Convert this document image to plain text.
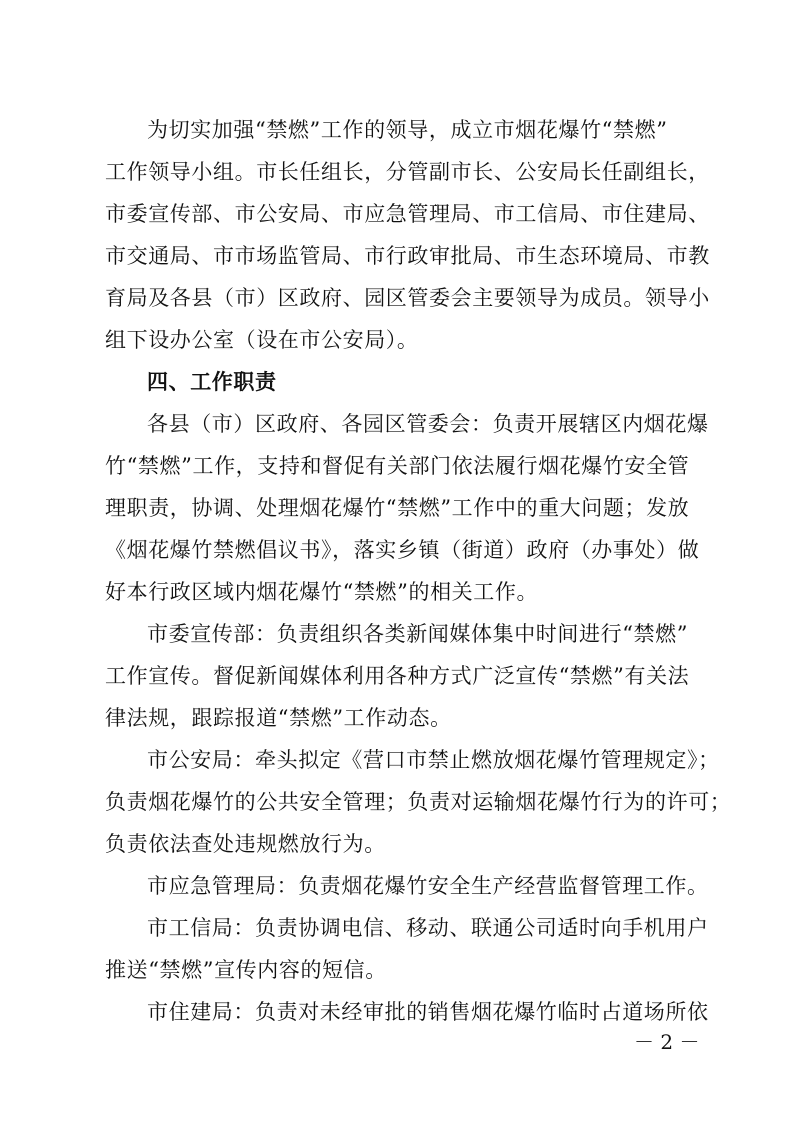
为切实加强“禁燃”工作的领导，成立市烟花爆竹“禁燃”
工作领导小组。市长任组长，分管副市长、公安局长任副组长，
市委宣传部、市公安局、市应急管理局、市工信局、市住建局、
市交通局、市市场监管局、市行政审批局、市生态环境局、市教
育局及各县（市）区政府、园区管委会主要领导为成员。领导小
组下设办公室（设在市公安局）。
四、工作职责
各县（市）区政府、各园区管委会：负责开展辖区内烟花爆
竹“禁燃”工作，支持和督促有关部门依法履行烟花爆竹安全管
理职责，协调、处理烟花爆竹“禁燃”工作中的重大问题；发放
《烟花爆竹禁燃倡议书》，落实乡镇（街道）政府（办事处）做
好本行政区域内烟花爆竹“禁燃”的相关工作。
市委宣传部：负责组织各类新闻媒体集中时间进行“禁燃”
工作宣传。督促新闻媒体利用各种方式广泛宣传“禁燃”有关法
律法规，跟踪报道“禁燃”工作动态。
市公安局：牵头拟定《营口市禁止燃放烟花爆竹管理规定》；
负责烟花爆竹的公共安全管理；负责对运输烟花爆竹行为的许可；
负责依法查处违规燃放行为。
市应急管理局：负责烟花爆竹安全生产经营监督管理工作。
市工信局：负责协调电信、移动、联通公司适时向手机用户
推送“禁燃”宣传内容的短信。
市住建局：负责对未经审批的销售烟花爆竹临时占道场所依
－ 2 －
